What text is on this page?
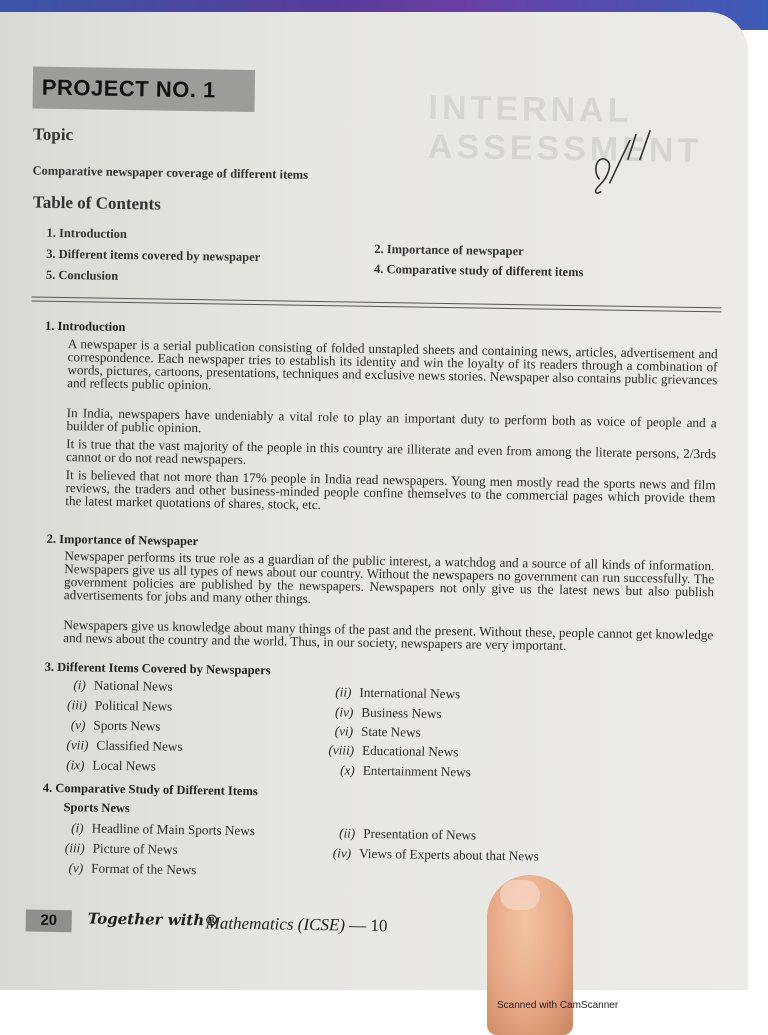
INTERNAL ASSESSMENT
PROJECT NO. 1
Topic
Comparative newspaper coverage of different items
Table of Contents
1. Introduction
2. Importance of newspaper
3. Different items covered by newspaper
4. Comparative study of different items
5. Conclusion
1. Introduction
A newspaper is a serial publication consisting of folded unstapled sheets and containing news, articles, advertisement and correspondence. Each newspaper tries to establish its identity and win the loyalty of its readers through a combination of words, pictures, cartoons, presentations, techniques and exclusive news stories. Newspaper also contains public grievances and reflects public opinion.
In India, newspapers have undeniably a vital role to play an important duty to perform both as voice of people and a builder of public opinion.
It is true that the vast majority of the people in this country are illiterate and even from among the literate persons, 2/3rds cannot or do not read newspapers.
It is believed that not more than 17% people in India read newspapers. Young men mostly read the sports news and film reviews, the traders and other business-minded people confine themselves to the commercial pages which provide them the latest market quotations of shares, stock, etc.
2. Importance of Newspaper
Newspaper performs its true role as a guardian of the public interest, a watchdog and a source of all kinds of information. Newspapers give us all types of news about our country. Without the newspapers no government can run successfully. The government policies are published by the newspapers. Newspapers not only give us the latest news but also publish advertisements for jobs and many other things.
Newspapers give us knowledge about many things of the past and the present. Without these, people cannot get knowledge and news about the country and the world. Thus, in our society, newspapers are very important.
3. Different Items Covered by Newspapers
(i) National News	(ii) International News
(iii) Political News	(iv) Business News
(v) Sports News	(vi) State News
(vii) Classified News	(viii) Educational News
(ix) Local News	(x) Entertainment News
4. Comparative Study of Different Items
Sports News
(i) Headline of Main Sports News	(ii) Presentation of News
(iii) Picture of News	(iv) Views of Experts about that News
(v) Format of the News
20	Together with®
Mathematics (ICSE) — 10
Scanned with CamScanner
